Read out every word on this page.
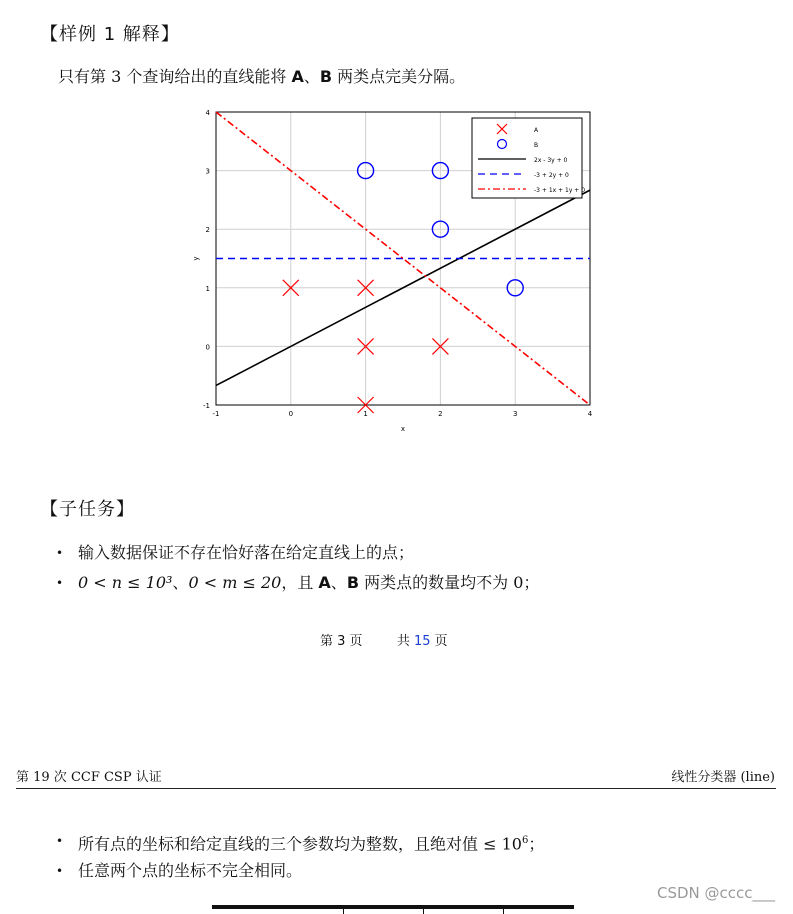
【样例 1 解释】
只有第 3 个查询给出的直线能将 A、B 两类点完美分隔。
-1	0	1	2	3	4
-1
0
1
2
3
4
x
y
A
B
2x - 3y + 0
-3 + 2y + 0
-3 + 1x + 1y + 0
【子任务】
• 输入数据保证不存在恰好落在给定直线上的点；
• 0 < n ≤ 10³、0 < m ≤ 20，且 A、B 两类点的数量均不为 0；
第 3 页	共 15 页
第 19 次 CCF CSP 认证	线性分类器 (line)
• 所有点的坐标和给定直线的三个参数均为整数，且绝对值 ≤ $10^6$；
• 任意两个点的坐标不完全相同。
CSDN @cccc___
